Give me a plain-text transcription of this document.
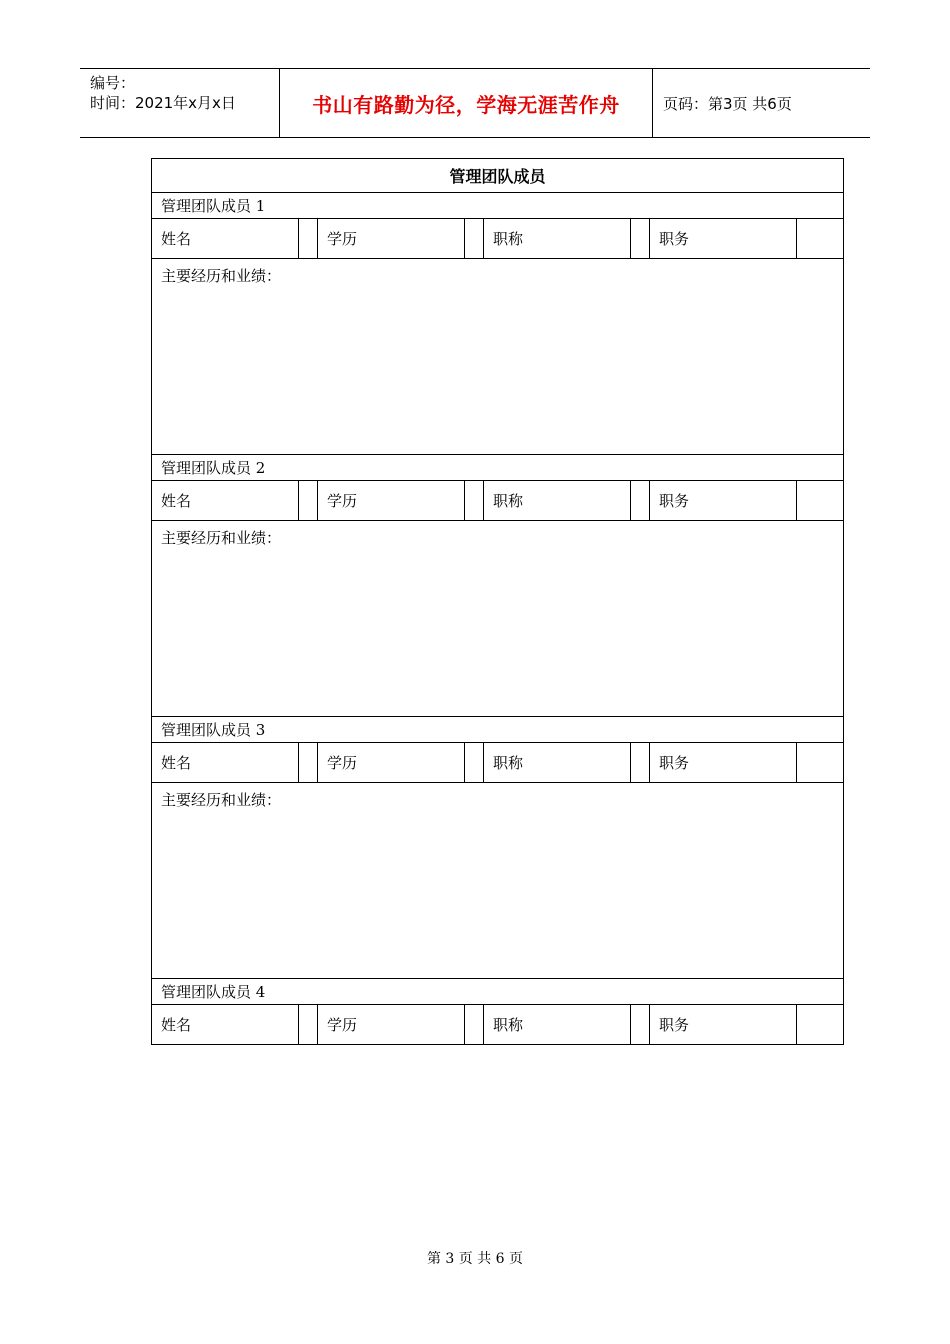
编号：
时间：2021年x月x日	书山有路勤为径，学海无涯苦作舟	页码：第3页 共6页
管理团队成员							
管理团队成员 1							
姓名		学历		职称		职务	
主要经历和业绩：							
管理团队成员 2							
姓名		学历		职称		职务	
主要经历和业绩：							
管理团队成员 3							
姓名		学历		职称		职务	
主要经历和业绩：							
管理团队成员 4							
姓名		学历		职称		职务	
第 3 页 共 6 页
